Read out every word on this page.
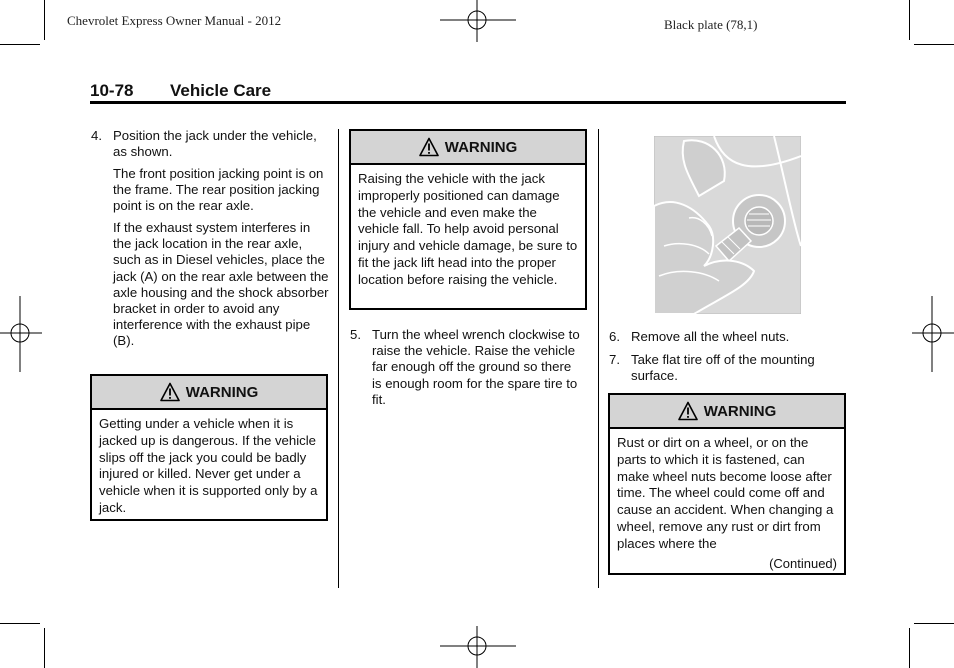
Chevrolet Express Owner Manual - 2012	Black plate (78,1)
10-78 Vehicle Care
4. Position the jack under the vehicle, as shown.

The front position jacking point is on the frame. The rear position jacking point is on the rear axle.

If the exhaust system interferes in the jack location in the rear axle, such as in Diesel vehicles, place the jack (A) on the rear axle between the axle housing and the shock absorber bracket in order to avoid any interference with the exhaust pipe (B).

WARNING
Getting under a vehicle when it is jacked up is dangerous. If the vehicle slips off the jack you could be badly injured or killed. Never get under a vehicle when it is supported only by a jack.
WARNING
Raising the vehicle with the jack improperly positioned can damage the vehicle and even make the vehicle fall. To help avoid personal injury and vehicle damage, be sure to fit the jack lift head into the proper location before raising the vehicle.
5. Turn the wheel wrench clockwise to raise the vehicle. Raise the vehicle far enough off the ground so there is enough room for the spare tire to fit.
6. Remove all the wheel nuts.
7. Take flat tire off of the mounting surface.
WARNING
Rust or dirt on a wheel, or on the parts to which it is fastened, can make wheel nuts become loose after time. The wheel could come off and cause an accident. When changing a wheel, remove any rust or dirt from places where the
(Continued)
